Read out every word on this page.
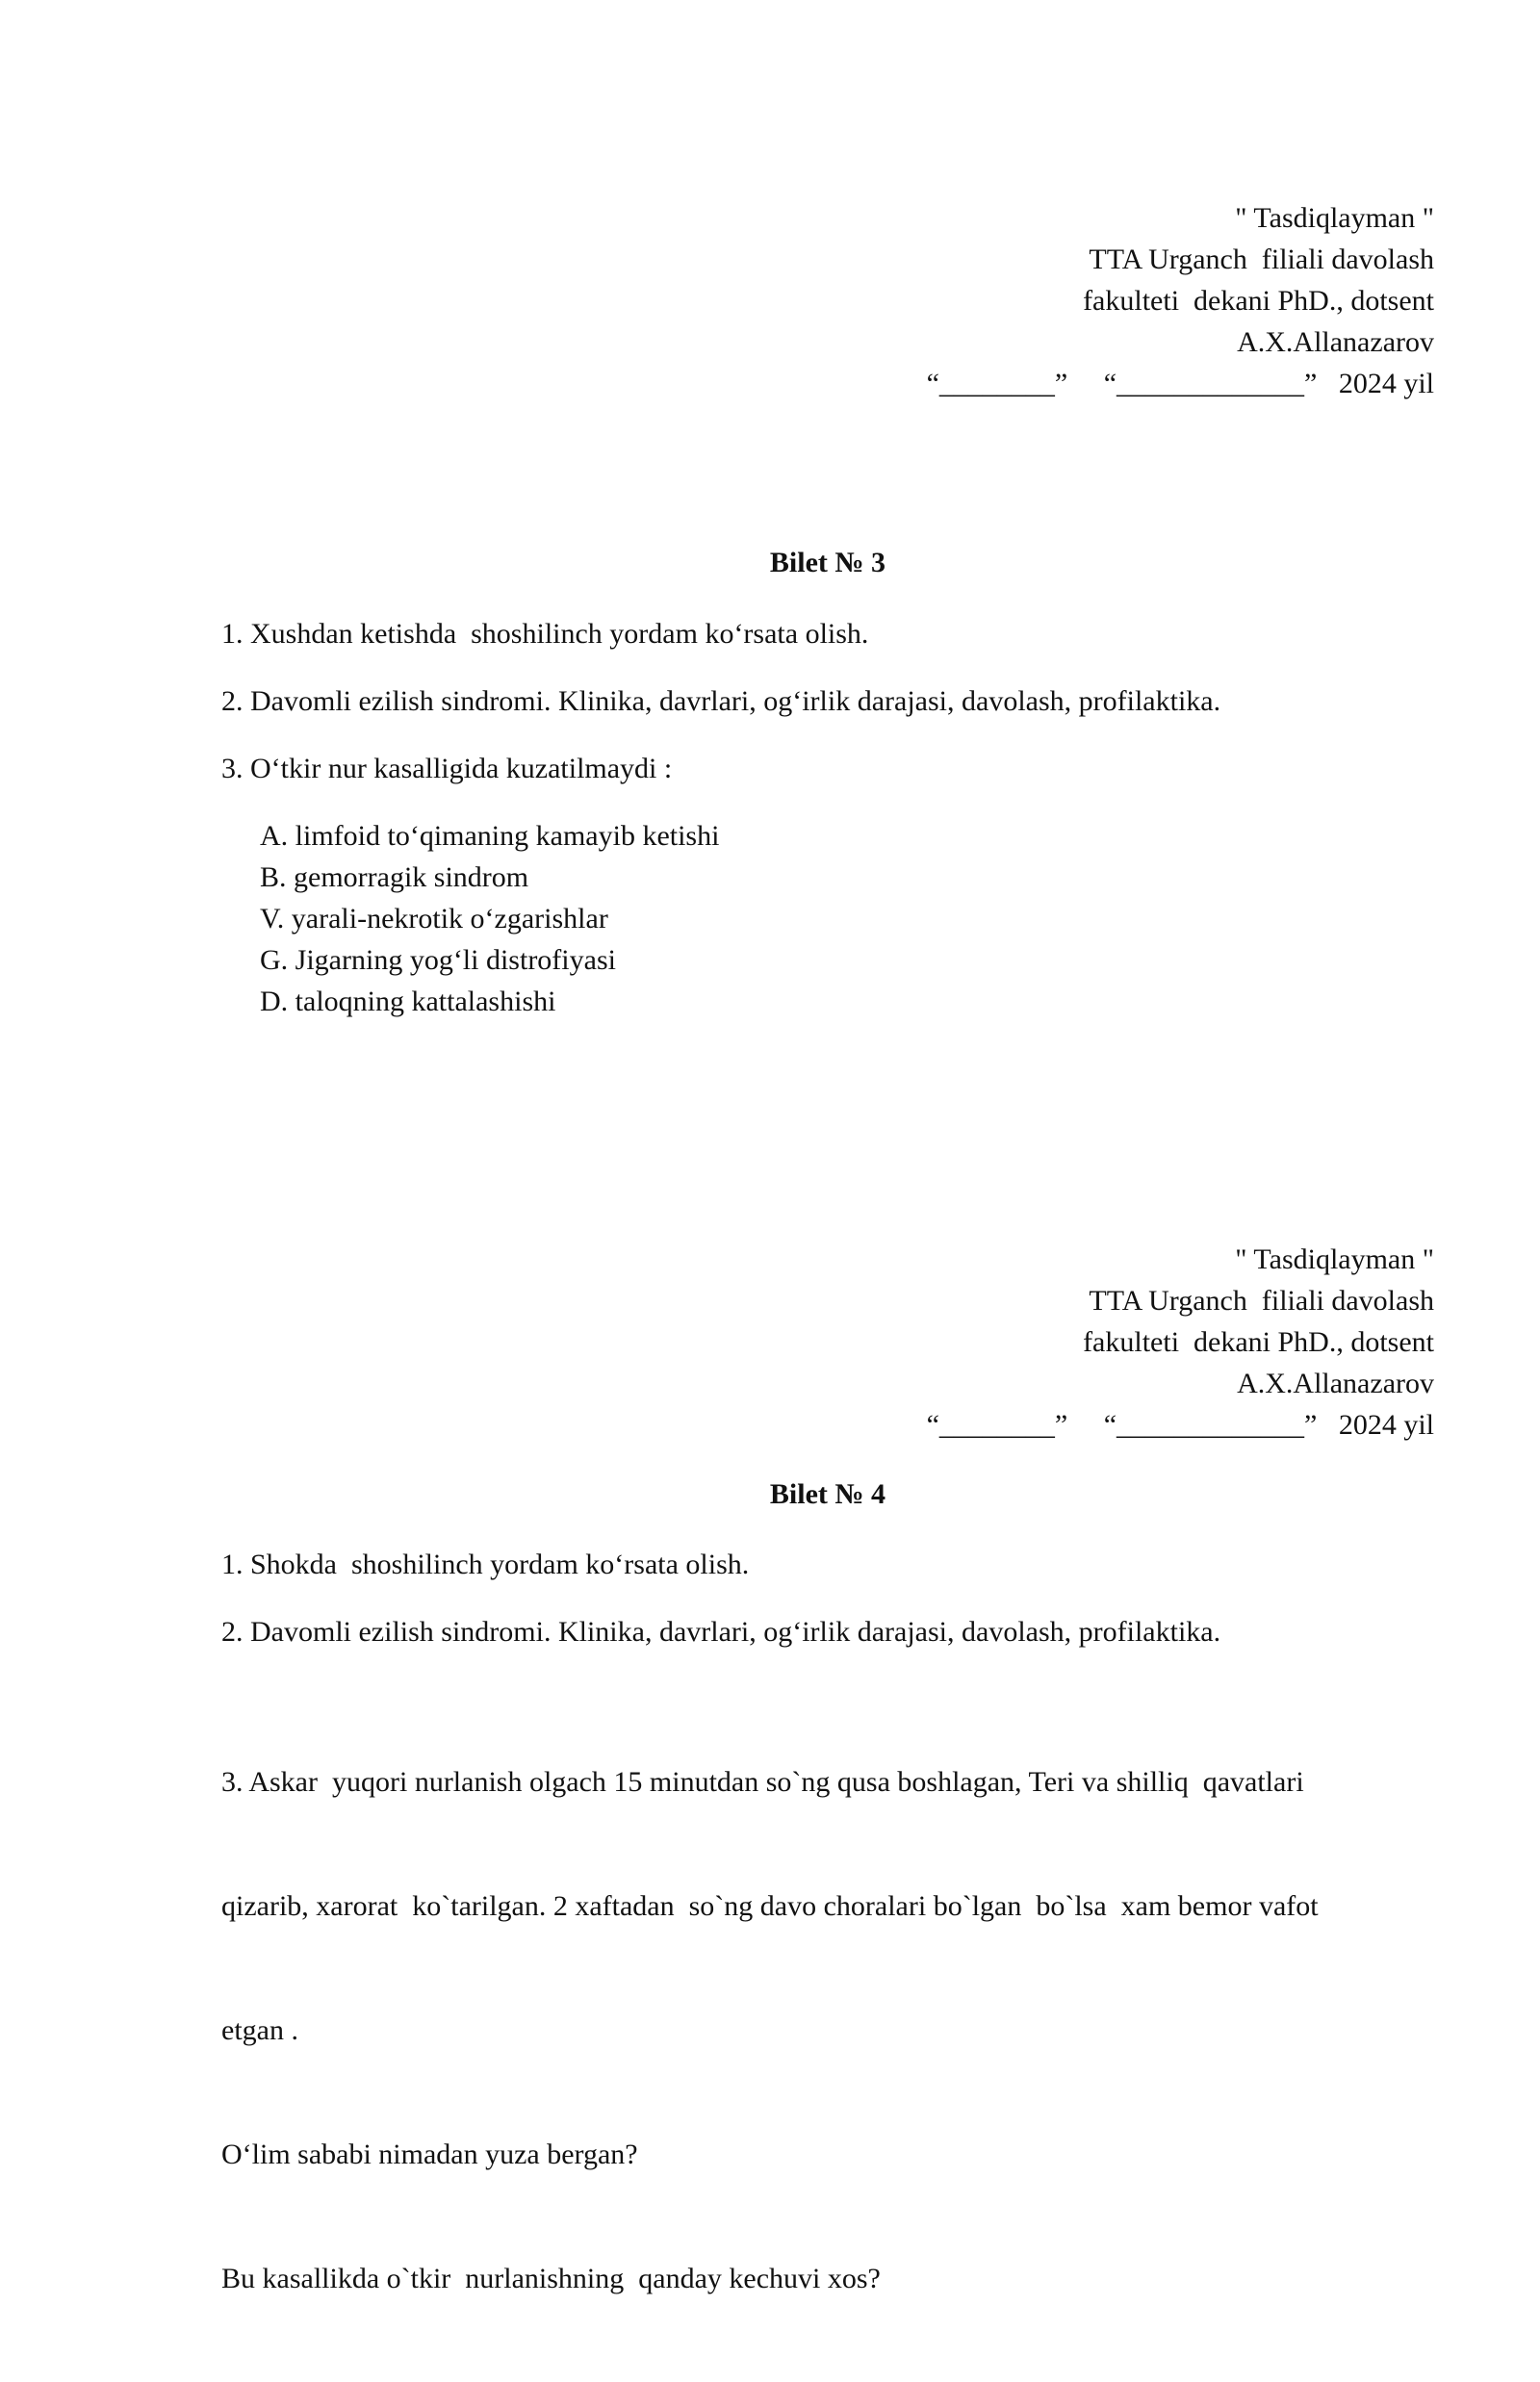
" Tasdiqlayman "
TTA Urganch  filiali davolash
fakulteti  dekani PhD., dotsent
A.X.Allanazarov
“________”     “_____________”   2024 yil
Bilet № 3

1. Xushdan ketishda  shoshilinch yordam ko‘rsata olish.

2. Davomli ezilish sindromi. Klinika, davrlari, og‘irlik darajasi, davolash, profilaktika.

3. O‘tkir nur kasalligida kuzatilmaydi :

A. limfoid to‘qimaning kamayib ketishi
B. gemorragik sindrom
V. yarali-nekrotik o‘zgarishlar
G. Jigarning yog‘li distrofiyasi
D. taloqning kattalashishi
" Tasdiqlayman "
TTA Urganch  filiali davolash
fakulteti  dekani PhD., dotsent
A.X.Allanazarov
“________”     “_____________”   2024 yil
Bilet № 4

1. Shokda  shoshilinch yordam ko‘rsata olish.

2. Davomli ezilish sindromi. Klinika, davrlari, og‘irlik darajasi, davolash, profilaktika.

3. Askar  yuqori nurlanish olgach 15 minutdan so`ng qusa boshlagan, Teri va shilliq  qavatlari

qizarib, xarorat  ko`tarilgan. 2 xaftadan  so`ng davo choralari bo`lgan  bo`lsa  xam bemor vafot

etgan .

O‘lim sababi nimadan yuza bergan?

Bu kasallikda o`tkir  nurlanishning  qanday kechuvi xos?
